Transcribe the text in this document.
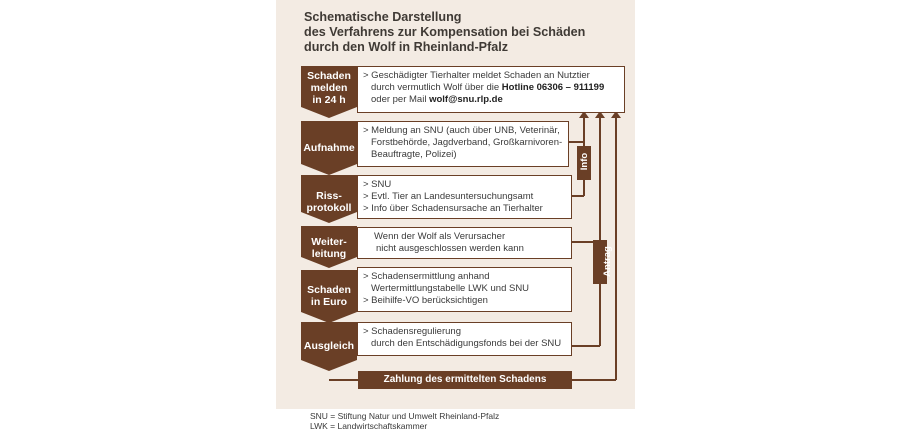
Schematische Darstellung
des Verfahrens zur Kompensation bei Schäden
durch den Wolf in Rheinland-Pfalz
Schaden
melden
in 24 h
Aufnahme
Riss-
protokoll
Weiter-
leitung
Schaden
in Euro
Ausgleich
> Geschädigter Tierhalter meldet Schaden an Nutztier
durch vermutlich Wolf über die Hotline 06306 – 911199
oder per Mail wolf@snu.rlp.de
> Meldung an SNU (auch über UNB, Veterinär,
Forstbehörde, Jagdverband, Großkarnivoren-
Beauftragte, Polizei)
> SNU
> Evtl. Tier an Landesuntersuchungsamt
> Info über Schadensursache an Tierhalter
Wenn der Wolf als Verursacher
nicht ausgeschlossen werden kann
> Schadensermittlung anhand
Wertermittlungstabelle LWK und SNU
> Beihilfe-VO berücksichtigen
> Schadensregulierung
durch den Entschädigungsfonds bei der SNU
Info
Antrag
Zahlung des ermittelten Schadens
SNU = Stiftung Natur und Umwelt Rheinland-Pfalz
LWK = Landwirtschaftskammer
